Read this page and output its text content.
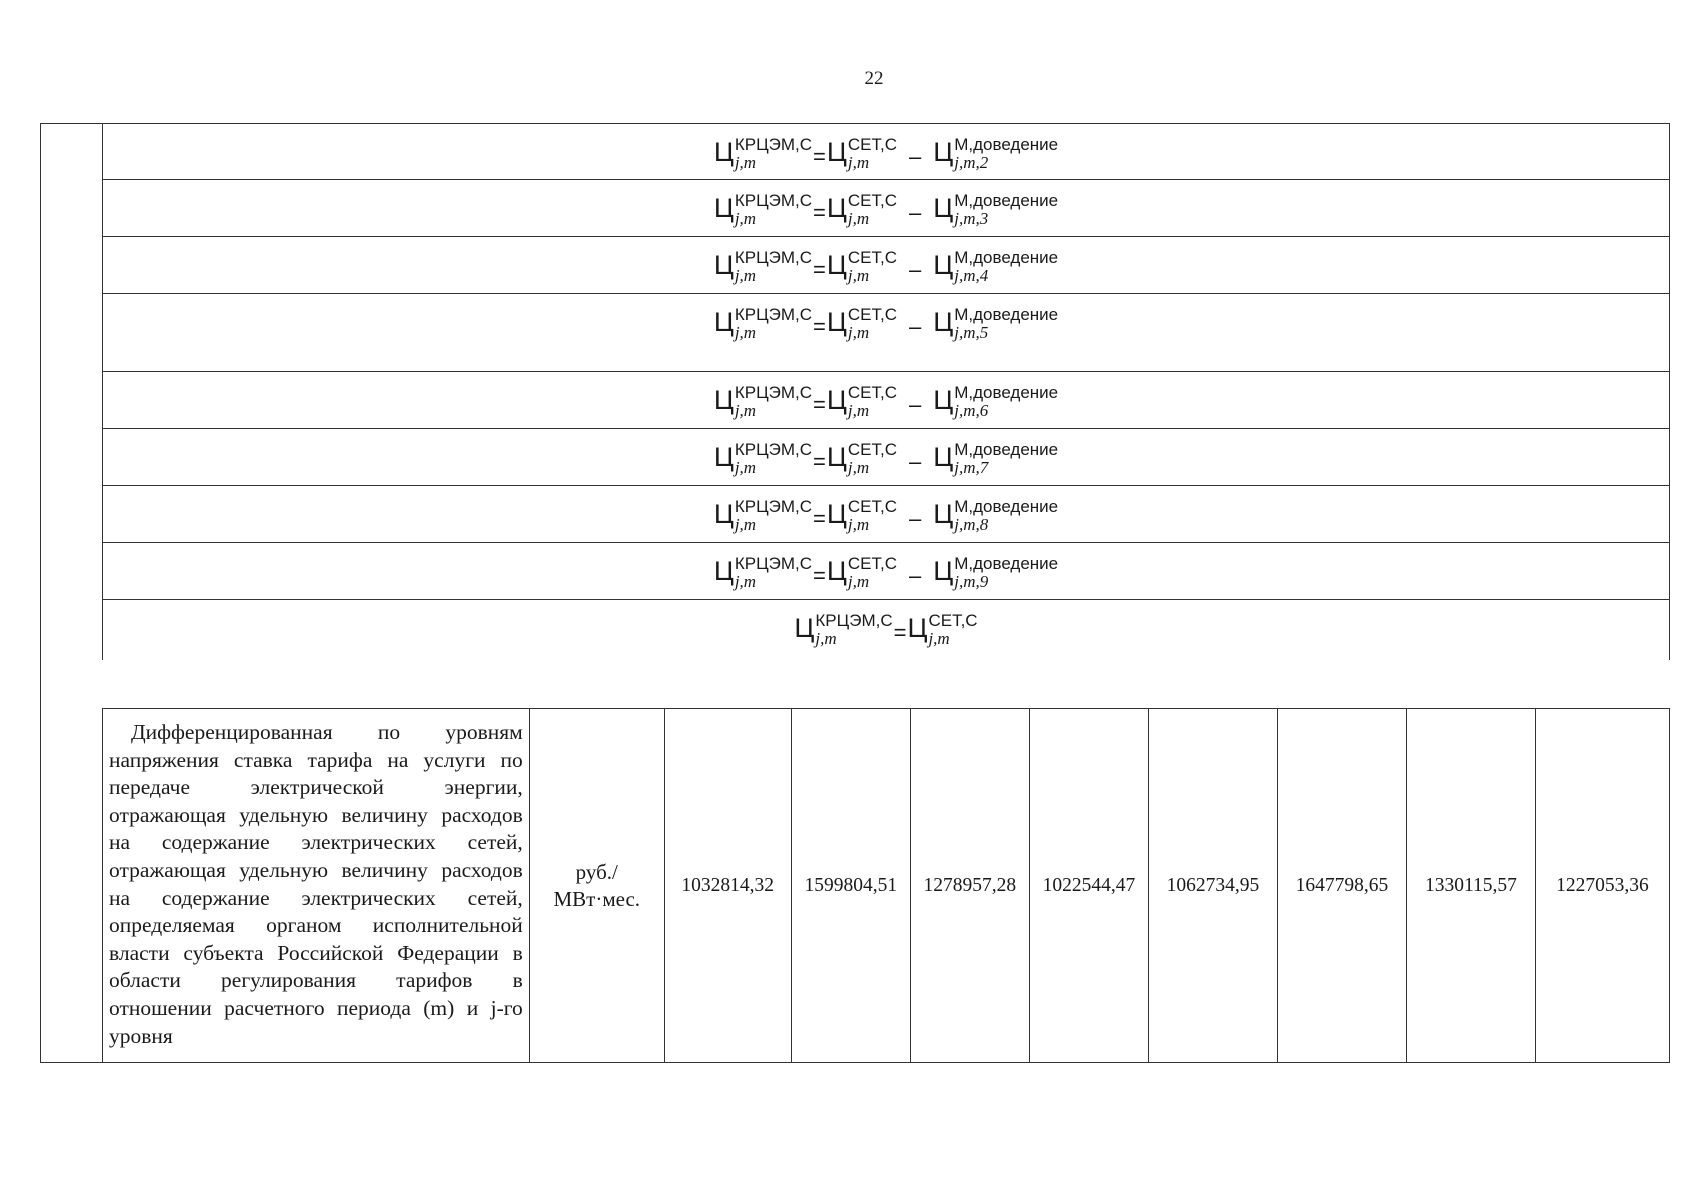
22
Ц КРЦЭМ,C
j,m	= Ц СЕТ,С
j,m	– Ц М,доведение
j,m,2
Ц КРЦЭМ,C
j,m	= Ц СЕТ,С
j,m	– Ц М,доведение
j,m,3
Ц КРЦЭМ,C
j,m	= Ц СЕТ,С
j,m	– Ц М,доведение
j,m,4
Ц КРЦЭМ,C
j,m	= Ц СЕТ,С
j,m	– Ц М,доведение
j,m,5
Ц КРЦЭМ,C
j,m	= Ц СЕТ,С
j,m	– Ц М,доведение
j,m,6
Ц КРЦЭМ,C
j,m	= Ц СЕТ,С
j,m	– Ц М,доведение
j,m,7
Ц КРЦЭМ,C
j,m	= Ц СЕТ,С
j,m	– Ц М,доведение
j,m,8
Ц КРЦЭМ,C
j,m	= Ц СЕТ,С
j,m	– Ц М,доведение
j,m,9
Ц КРЦЭМ,C
j,m	= Ц СЕТ,С
j,m
Дифференцированная по уровням напряжения ставка тарифа на услуги по передаче электрической энергии, отражающая удельную величину расходов на содержание электрических сетей, отражающая удельную величину расходов на содержание электрических сетей, определяемая органом исполнительной власти субъекта Российской Федерации в области регулирования тарифов в отношении расчетного периода (m) и j-го уровня
руб./
МВт·мес.
1032814,32	1599804,51	1278957,28	1022544,47	1062734,95	1647798,65	1330115,57	1227053,36
